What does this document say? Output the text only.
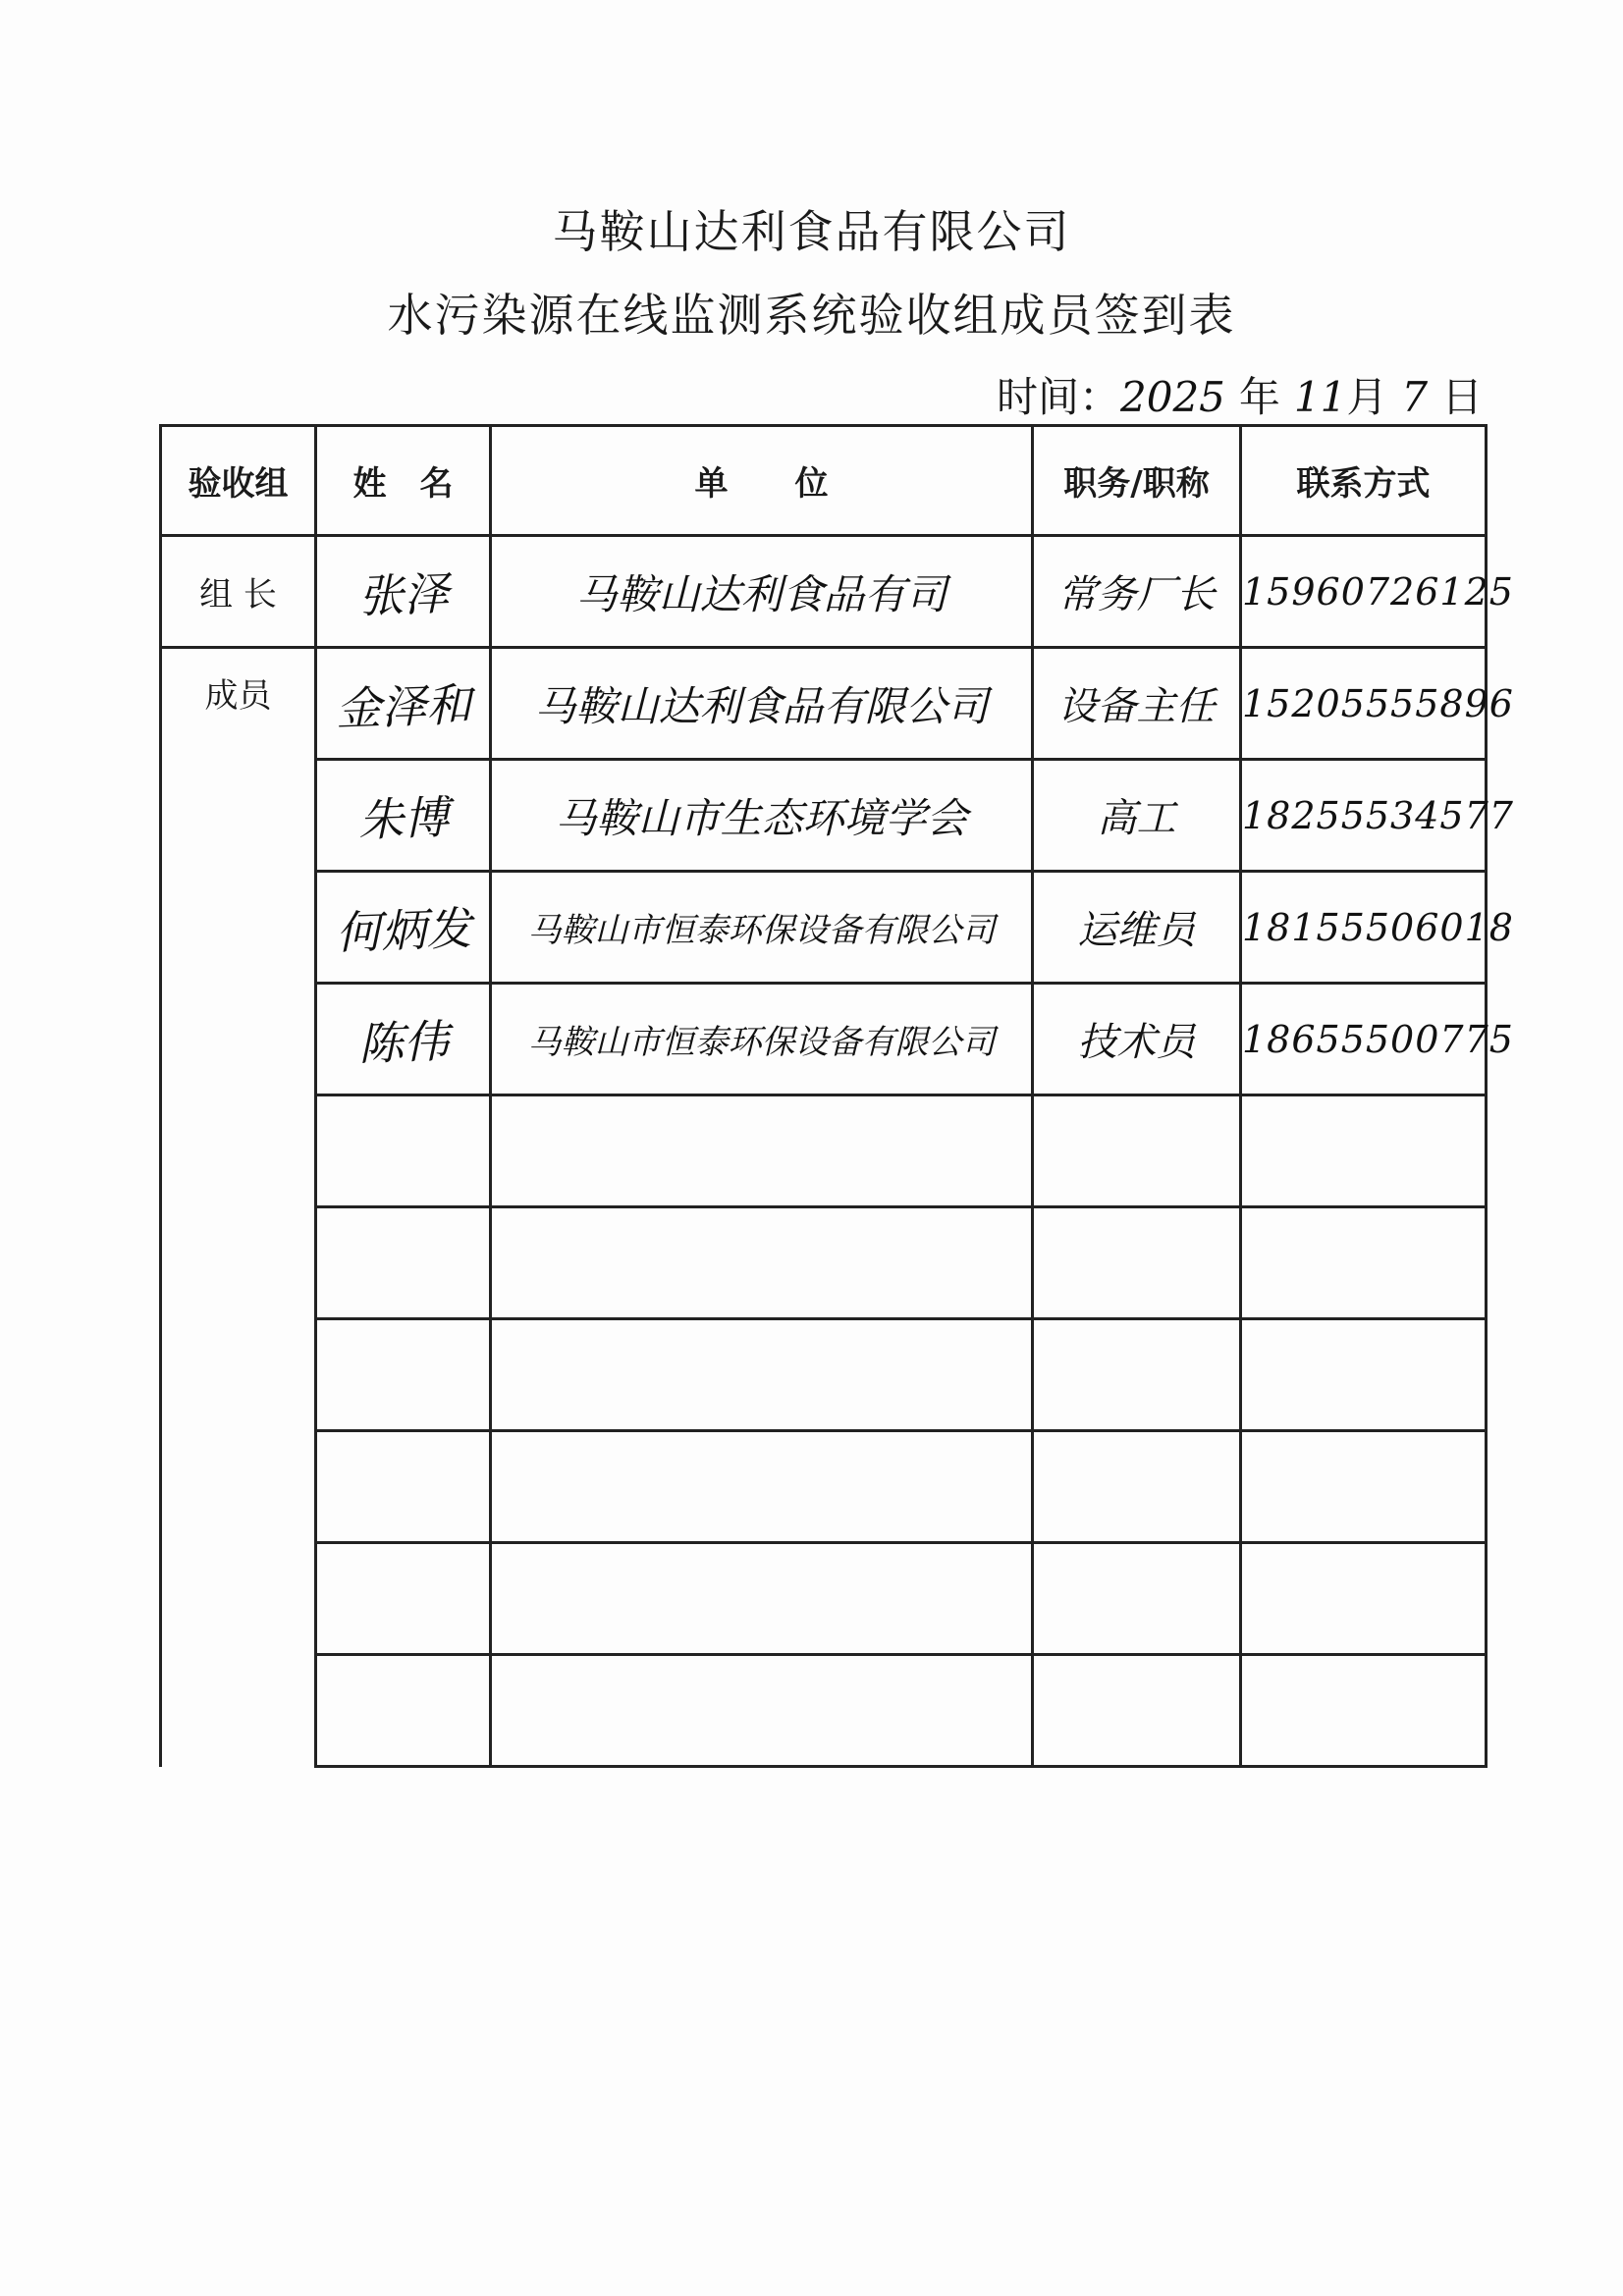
马鞍山达利食品有限公司
水污染源在线监测系统验收组成员签到表
时间：2025 年 11月 7 日
验收组	姓　名	单　　位	职务/职称	联系方式
组 长	张泽	马鞍山达利食品有司	常务厂长	15960726125
成员	金泽和	马鞍山达利食品有限公司	设备主任	15205555896
	朱博	马鞍山市生态环境学会	高工	18255534577
	何炳发	马鞍山市恒泰环保设备有限公司	运维员	18155506018
	陈伟	马鞍山市恒泰环保设备有限公司	技术员	18655500775
